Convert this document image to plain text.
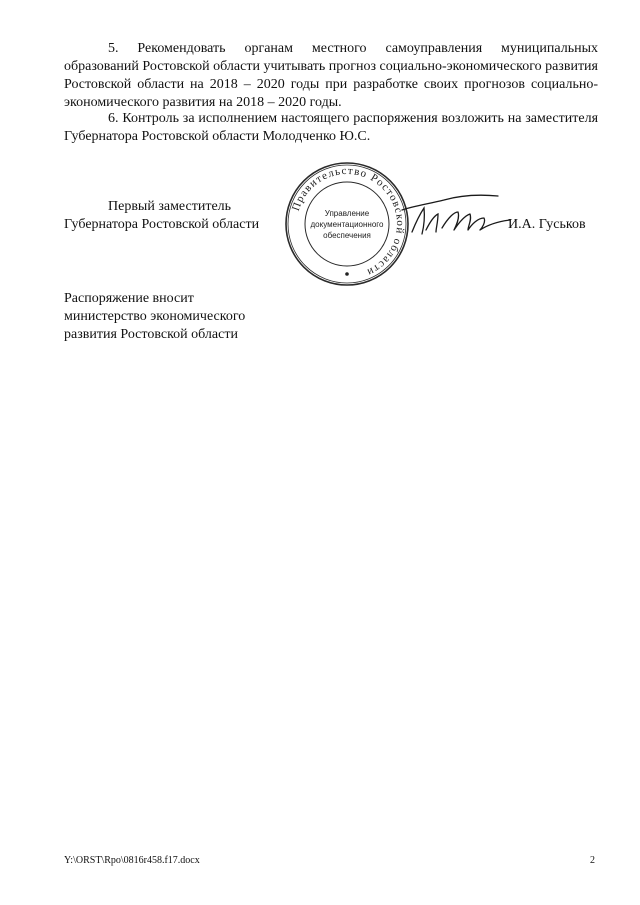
5. Рекомендовать органам местного самоуправления муниципальных образований Ростовской области учитывать прогноз социально-экономического развития Ростовской области на 2018 – 2020 годы при разработке своих прогнозов социально-экономического развития на 2018 – 2020 годы.

6. Контроль за исполнением настоящего распоряжения возложить на заместителя Губернатора Ростовской области Молодченко Ю.С.

Первый заместитель
Губернатора Ростовской области
Правительство Ростовской области
Управление
документационного
обеспечения
И.А. Гуськов
Распоряжение вносит
министерство экономического
развития Ростовской области
Y:\ORST\Rpo\0816r458.f17.docx	2
